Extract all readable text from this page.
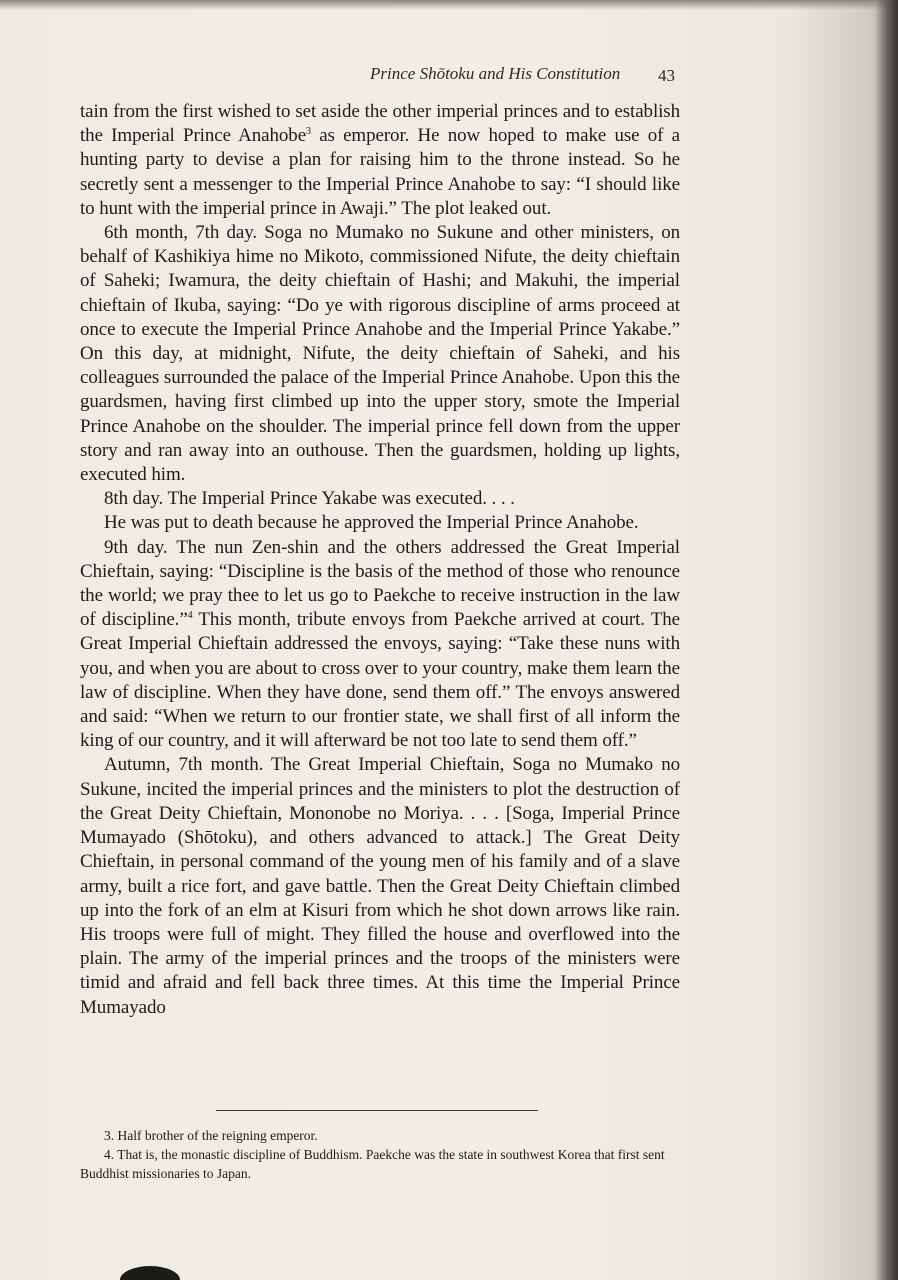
Prince Shōtoku and His Constitution	43

tain from the first wished to set aside the other imperial princes and to establish the Imperial Prince Anahobe$^3$ as emperor. He now hoped to make use of a hunting party to devise a plan for raising him to the throne instead. So he secretly sent a messenger to the Imperial Prince Anahobe to say: “I should like to hunt with the imperial prince in Awaji.” The plot leaked out.

6th month, 7th day. Soga no Mumako no Sukune and other ministers, on behalf of Kashikiya hime no Mikoto, commissioned Nifute, the deity chieftain of Saheki; Iwamura, the deity chieftain of Hashi; and Makuhi, the imperial chieftain of Ikuba, saying: “Do ye with rigorous discipline of arms proceed at once to execute the Imperial Prince Anahobe and the Imperial Prince Yakabe.” On this day, at midnight, Nifute, the deity chieftain of Saheki, and his colleagues surrounded the palace of the Imperial Prince Anahobe. Upon this the guardsmen, having first climbed up into the upper story, smote the Imperial Prince Anahobe on the shoulder. The imperial prince fell down from the upper story and ran away into an outhouse. Then the guardsmen, holding up lights, executed him.

8th day. The Imperial Prince Yakabe was executed. . . .

He was put to death because he approved the Imperial Prince Anahobe.

9th day. The nun Zen-shin and the others addressed the Great Imperial Chieftain, saying: “Discipline is the basis of the method of those who renounce the world; we pray thee to let us go to Paekche to receive instruction in the law of discipline.”$^4$ This month, tribute envoys from Paekche arrived at court. The Great Imperial Chieftain addressed the envoys, saying: “Take these nuns with you, and when you are about to cross over to your country, make them learn the law of discipline. When they have done, send them off.” The envoys answered and said: “When we return to our frontier state, we shall first of all inform the king of our country, and it will afterward be not too late to send them off.”

Autumn, 7th month. The Great Imperial Chieftain, Soga no Mumako no Sukune, incited the imperial princes and the ministers to plot the destruction of the Great Deity Chieftain, Mononobe no Moriya. . . . [Soga, Imperial Prince Mumayado (Shōtoku), and others advanced to attack.] The Great Deity Chieftain, in personal command of the young men of his family and of a slave army, built a rice fort, and gave battle. Then the Great Deity Chieftain climbed up into the fork of an elm at Kisuri from which he shot down arrows like rain. His troops were full of might. They filled the house and overflowed into the plain. The army of the imperial princes and the troops of the ministers were timid and afraid and fell back three times. At this time the Imperial Prince Mumayado

3. Half brother of the reigning emperor.

4. That is, the monastic discipline of Buddhism. Paekche was the state in southwest Korea that first sent Buddhist missionaries to Japan.
